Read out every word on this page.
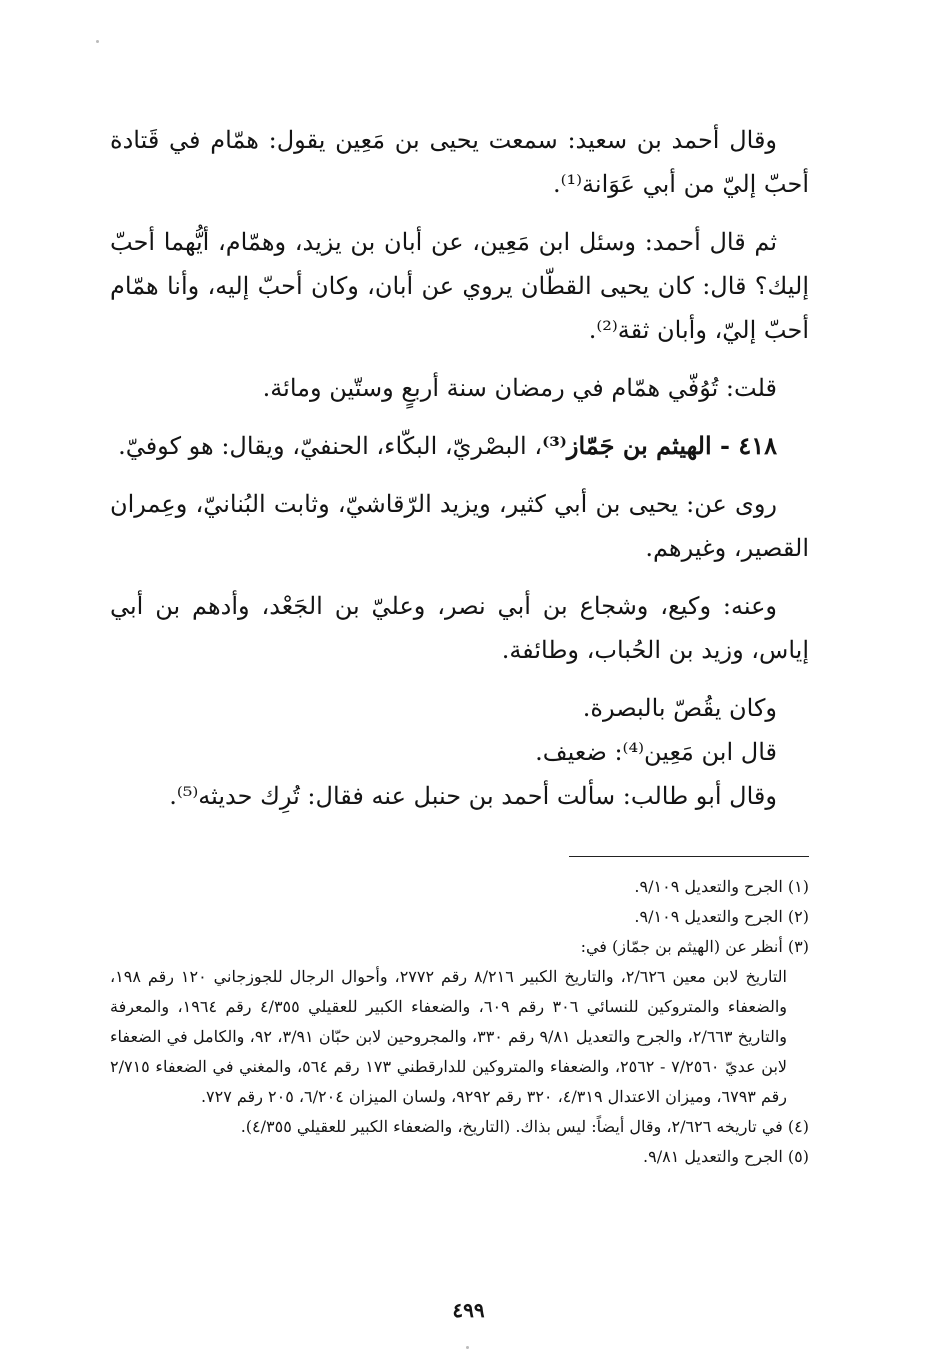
وقال أحمد بن سعيد: سمعت يحيى بن مَعِين يقول: همّام في قَتادة أحبّ إليّ من أبي عَوَانة⁽¹⁾.

ثم قال أحمد: وسئل ابن مَعِين، عن أبان بن يزيد، وهمّام، أيُّهما أحبّ إليك؟ قال: كان يحيى القطّان يروي عن أبان، وكان أحبّ إليه، وأنا همّام أحبّ إليّ، وأبان ثقة⁽²⁾.

قلت: تُوُفّي همّام في رمضان سنة أربعٍ وستّين ومائة.

٤١٨ - الهيثم بن جَمّاز⁽³⁾، البصْريّ، البكّاء، الحنفيّ، ويقال: هو كوفيّ.

روى عن: يحيى بن أبي كثير، ويزيد الرّقاشيّ، وثابت البُنانيّ، وعِمران القصير، وغيرهم.

وعنه: وكيع، وشجاع بن أبي نصر، وعليّ بن الجَعْد، وأدهم بن أبي إياس، وزيد بن الحُباب، وطائفة.

وكان يقُصّ بالبصرة.

قال ابن مَعِين⁽⁴⁾: ضعيف.

وقال أبو طالب: سألت أحمد بن حنبل عنه فقال: تُرِك حديثه⁽⁵⁾.

(١) الجرح والتعديل ٩/١٠٩.

(٢) الجرح والتعديل ٩/١٠٩.

(٣) أنظر عن (الهيثم بن جمّاز) في:

التاريخ لابن معين ٢/٦٢٦، والتاريخ الكبير ٨/٢١٦ رقم ٢٧٧٢، وأحوال الرجال للجوزجاني ١٢٠ رقم ١٩٨، والضعفاء والمتروكين للنسائي ٣٠٦ رقم ٦٠٩، والضعفاء الكبير للعقيلي ٤/٣٥٥ رقم ١٩٦٤، والمعرفة والتاريخ ٢/٦٦٣، والجرح والتعديل ٩/٨١ رقم ٣٣٠، والمجروحين لابن حبّان ٣/٩١، ٩٢، والكامل في الضعفاء لابن عديّ ٧/٢٥٦٠ - ٢٥٦٢، والضعفاء والمتروكين للدارقطني ١٧٣ رقم ٥٦٤، والمغني في الضعفاء ٢/٧١٥ رقم ٦٧٩٣، وميزان الاعتدال ٤/٣١٩، ٣٢٠ رقم ٩٢٩٢، ولسان الميزان ٦/٢٠٤، ٢٠٥ رقم ٧٢٧.

(٤) في تاريخه ٢/٦٢٦، وقال أيضاً: ليس بذاك. (التاريخ، والضعفاء الكبير للعقيلي ٤/٣٥٥).

(٥) الجرح والتعديل ٩/٨١.

٤٩٩
